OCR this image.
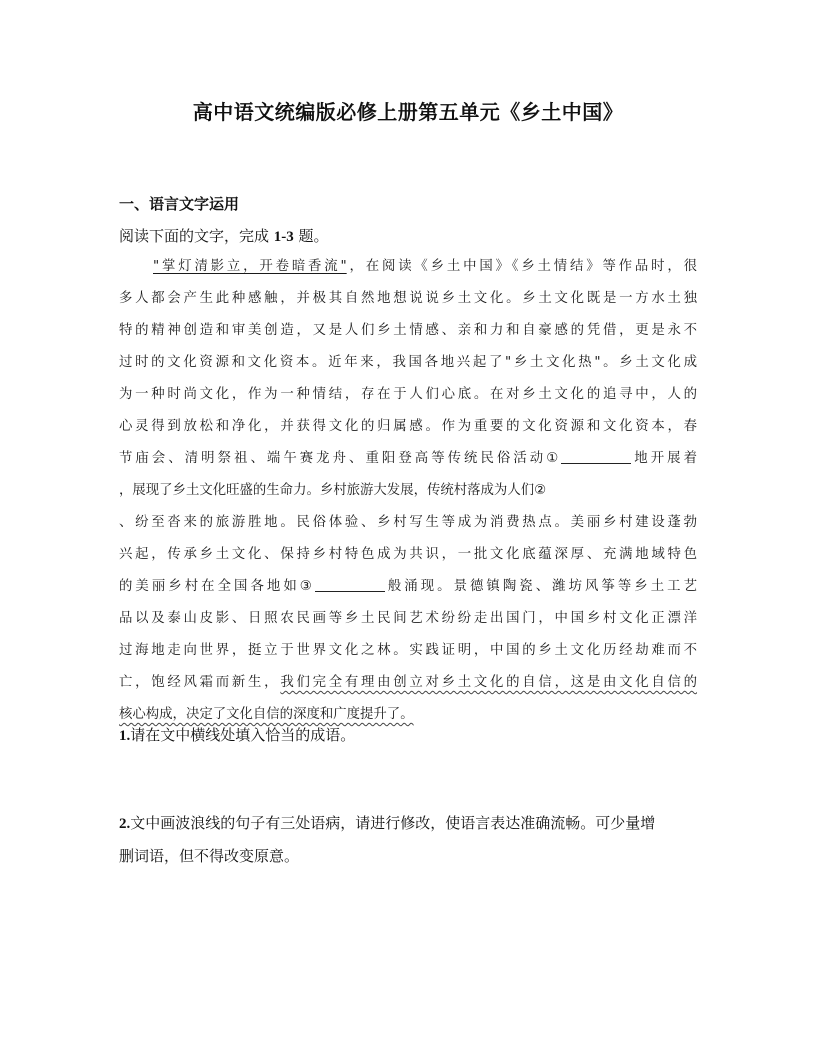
高中语文统编版必修上册第五单元《乡土中国》
一、语言文字运用
阅读下面的文字，完成 1-3 题。
"掌灯清影立，开卷暗香流"，在阅读《乡土中国》《乡土情结》等作品时，很
多人都会产生此种感触，并极其自然地想说说乡土文化。乡土文化既是一方水土独
特的精神创造和审美创造，又是人们乡土情感、亲和力和自豪感的凭借，更是永不
过时的文化资源和文化资本。近年来，我国各地兴起了"乡土文化热"。乡土文化成
为一种时尚文化，作为一种情结，存在于人们心底。在对乡土文化的追寻中，人的
心灵得到放松和净化，并获得文化的归属感。作为重要的文化资源和文化资本，春
节庙会、清明祭祖、端午赛龙舟、重阳登高等传统民俗活动①	地开展着
，展现了乡土文化旺盛的生命力。乡村旅游大发展，传统村落成为人们②
、纷至沓来的旅游胜地。民俗体验、乡村写生等成为消费热点。美丽乡村建设蓬勃
兴起，传承乡土文化、保持乡村特色成为共识，一批文化底蕴深厚、充满地域特色
的美丽乡村在全国各地如③	般涌现。景德镇陶瓷、潍坊风筝等乡土工艺
品以及泰山皮影、日照农民画等乡土民间艺术纷纷走出国门，中国乡村文化正漂洋
过海地走向世界，挺立于世界文化之林。实践证明，中国的乡土文化历经劫难而不
亡，饱经风霜而新生，我们完全有理由创立对乡土文化的自信，这是由文化自信的
核心构成，决定了文化自信的深度和广度提升了。
1.请在文中横线处填入恰当的成语。
2.文中画波浪线的句子有三处语病，请进行修改，使语言表达准确流畅。可少量增
删词语，但不得改变原意。
